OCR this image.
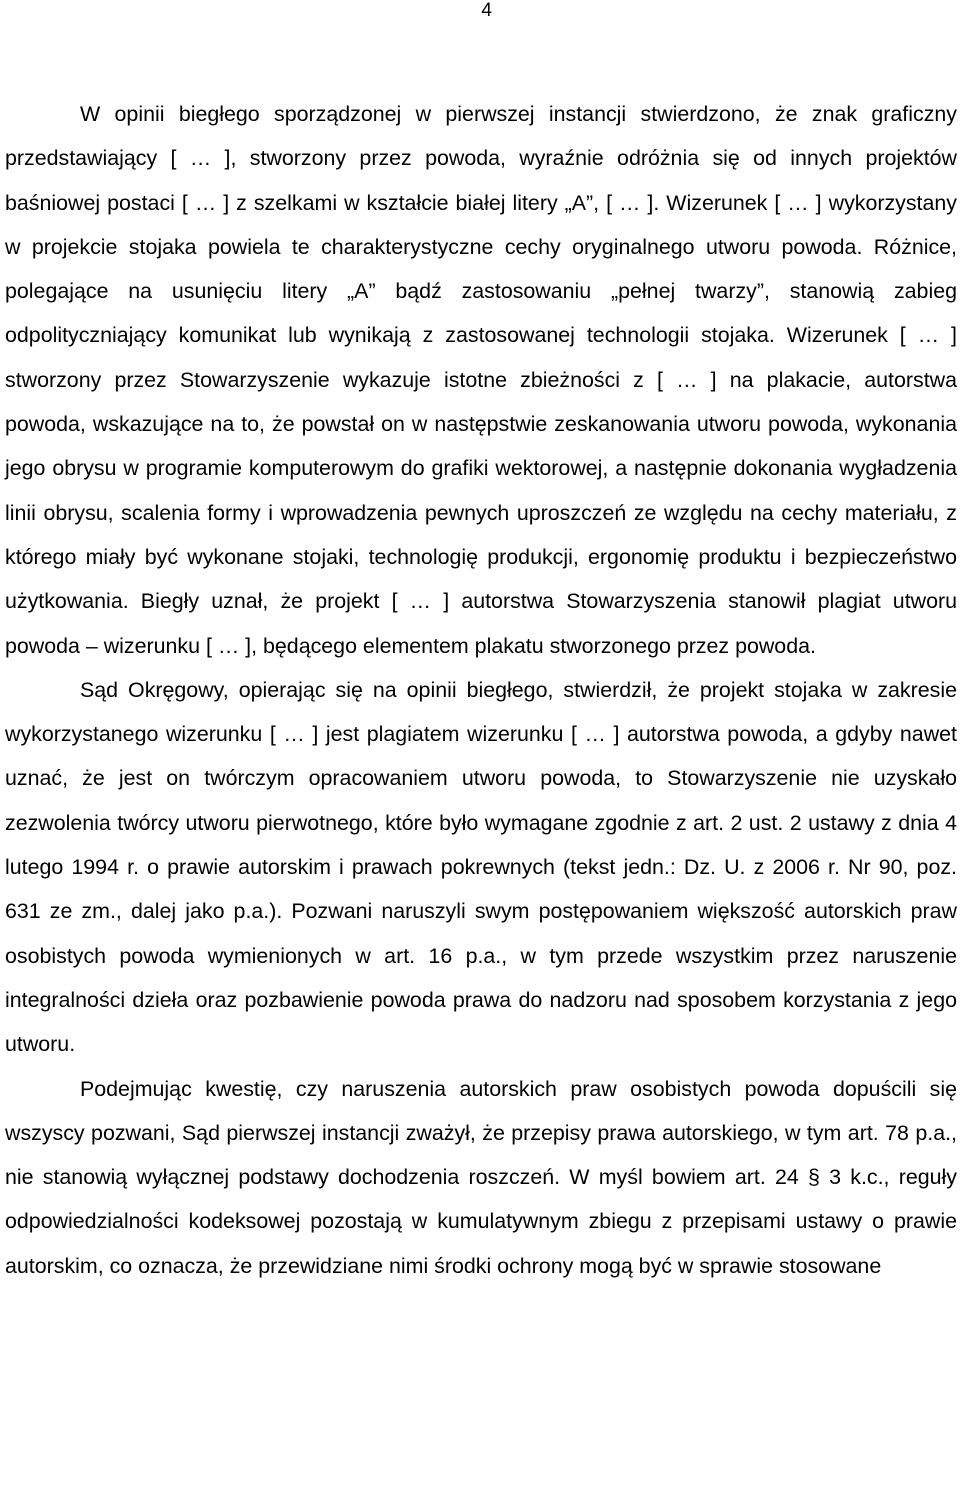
4

W opinii biegłego sporządzonej w pierwszej instancji stwierdzono, że znak graficzny przedstawiający [ … ], stworzony przez powoda, wyraźnie odróżnia się od innych projektów baśniowej postaci [ … ] z szelkami w kształcie białej litery „A”, [ … ]. Wizerunek [ … ] wykorzystany w projekcie stojaka powiela te charakterystyczne cechy oryginalnego utworu powoda. Różnice, polegające na usunięciu litery „A” bądź zastosowaniu „pełnej twarzy”, stanowią zabieg odpolityczniający komunikat lub wynikają z zastosowanej technologii stojaka. Wizerunek [ … ] stworzony przez Stowarzyszenie wykazuje istotne zbieżności z [ … ] na plakacie, autorstwa powoda, wskazujące na to, że powstał on w następstwie zeskanowania utworu powoda, wykonania jego obrysu w programie komputerowym do grafiki wektorowej, a następnie dokonania wygładzenia linii obrysu, scalenia formy i wprowadzenia pewnych uproszczeń ze względu na cechy materiału, z którego miały być wykonane stojaki, technologię produkcji, ergonomię produktu i bezpieczeństwo użytkowania. Biegły uznał, że projekt [ … ] autorstwa Stowarzyszenia stanowił plagiat utworu powoda – wizerunku [ … ], będącego elementem plakatu stworzonego przez powoda.

Sąd Okręgowy, opierając się na opinii biegłego, stwierdził, że projekt stojaka w zakresie wykorzystanego wizerunku [ … ] jest plagiatem wizerunku [ … ] autorstwa powoda, a gdyby nawet uznać, że jest on twórczym opracowaniem utworu powoda, to Stowarzyszenie nie uzyskało zezwolenia twórcy utworu pierwotnego, które było wymagane zgodnie z art. 2 ust. 2 ustawy z dnia 4 lutego 1994 r. o prawie autorskim i prawach pokrewnych (tekst jedn.: Dz. U. z 2006 r. Nr 90, poz. 631 ze zm., dalej jako p.a.). Pozwani naruszyli swym postępowaniem większość autorskich praw osobistych powoda wymienionych w art. 16 p.a., w tym przede wszystkim przez naruszenie integralności dzieła oraz pozbawienie powoda prawa do nadzoru nad sposobem korzystania z jego utworu.

Podejmując kwestię, czy naruszenia autorskich praw osobistych powoda dopuścili się wszyscy pozwani, Sąd pierwszej instancji zważył, że przepisy prawa autorskiego, w tym art. 78 p.a., nie stanowią wyłącznej podstawy dochodzenia roszczeń. W myśl bowiem art. 24 § 3 k.c., reguły odpowiedzialności kodeksowej pozostają w kumulatywnym zbiegu z przepisami ustawy o prawie autorskim, co oznacza, że przewidziane nimi środki ochrony mogą być w sprawie stosowane
